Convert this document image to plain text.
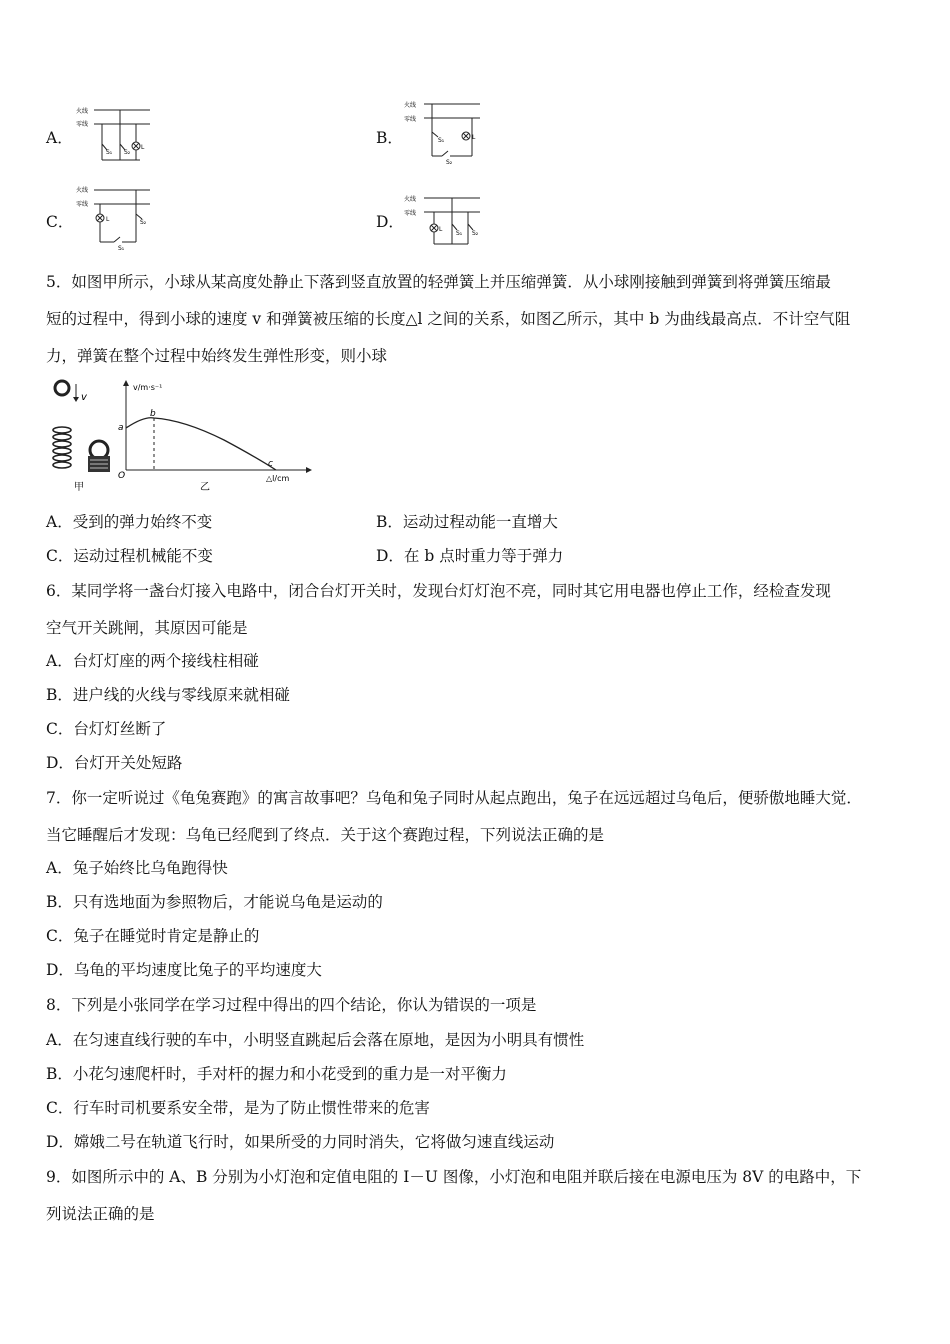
A．
火线
零线
S₁ S₂
L
B．
火线
零线
S₁
S₂
L
C．
火线
零线
L	S₂
S₁
D．
火线
零线
L
S₁ S₂
5．如图甲所示，小球从某高度处静止下落到竖直放置的轻弹簧上并压缩弹簧．从小球刚接触到弹簧到将弹簧压缩最
短的过程中，得到小球的速度 v 和弹簧被压缩的长度△l 之间的关系，如图乙所示，其中 b 为曲线最高点．不计空气阻
力，弹簧在整个过程中始终发生弹性形变，则小球
v
甲
v/m·s⁻¹
△l/cm
O
a
b
c
乙
A．受到的弹力始终不变	B．运动过程动能一直增大
C．运动过程机械能不变	D．在 b 点时重力等于弹力
6．某同学将一盏台灯接入电路中，闭合台灯开关时，发现台灯灯泡不亮，同时其它用电器也停止工作，经检查发现
空气开关跳闸，其原因可能是
A．台灯灯座的两个接线柱相碰
B．进户线的火线与零线原来就相碰
C．台灯灯丝断了
D．台灯开关处短路
7．你一定听说过《龟兔赛跑》的寓言故事吧？乌龟和兔子同时从起点跑出，兔子在远远超过乌龟后，便骄傲地睡大觉．
当它睡醒后才发现：乌龟已经爬到了终点．关于这个赛跑过程，下列说法正确的是
A．兔子始终比乌龟跑得快
B．只有选地面为参照物后，才能说乌龟是运动的
C．兔子在睡觉时肯定是静止的
D．乌龟的平均速度比兔子的平均速度大
8．下列是小张同学在学习过程中得出的四个结论，你认为错误的一项是
A．在匀速直线行驶的车中，小明竖直跳起后会落在原地，是因为小明具有惯性
B．小花匀速爬杆时，手对杆的握力和小花受到的重力是一对平衡力
C．行车时司机要系安全带，是为了防止惯性带来的危害
D．嫦娥二号在轨道飞行时，如果所受的力同时消失，它将做匀速直线运动
9．如图所示中的 A、B 分别为小灯泡和定值电阻的 I－U 图像，小灯泡和电阻并联后接在电源电压为 8V 的电路中，下
列说法正确的是
